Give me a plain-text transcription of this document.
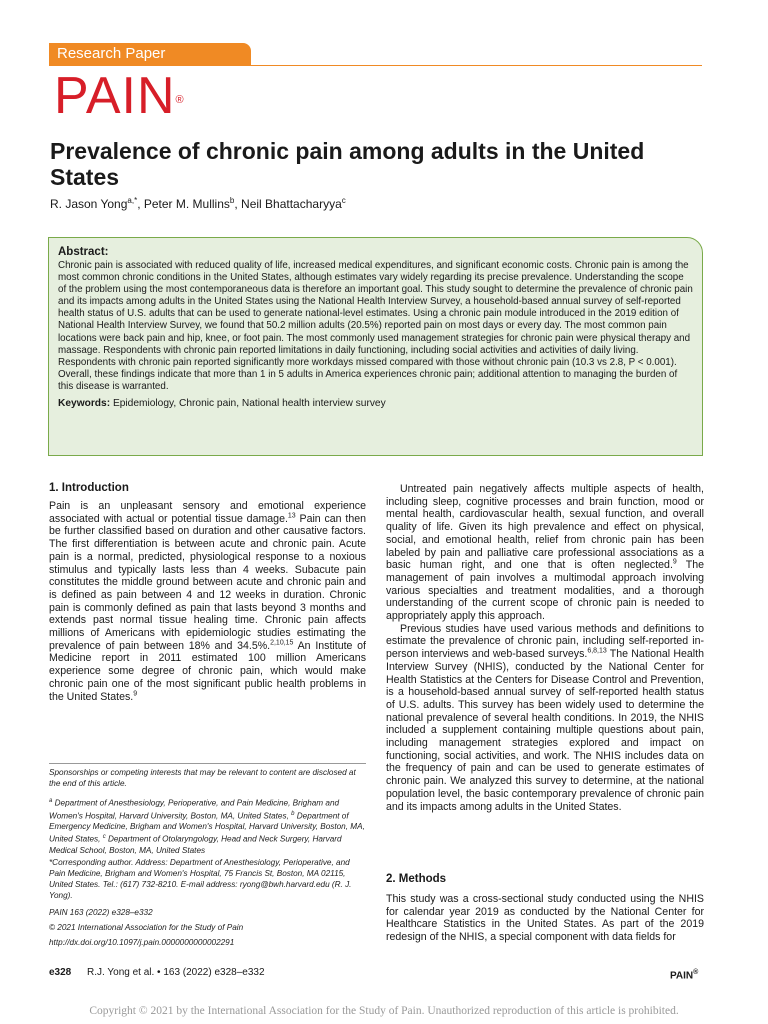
Research Paper
PAIN®
Prevalence of chronic pain among adults in the United States
R. Jason Yong$^{a,*}$, Peter M. Mullins$^b$, Neil Bhattacharyya$^c$
Abstract:
Chronic pain is associated with reduced quality of life, increased medical expenditures, and significant economic costs. Chronic pain is among the most common chronic conditions in the United States, although estimates vary widely regarding its precise prevalence. Understanding the scope of the problem using the most contemporaneous data is therefore an important goal. This study sought to determine the prevalence of chronic pain and its impacts among adults in the United States using the National Health Interview Survey, a household-based annual survey of self-reported health status of U.S. adults that can be used to generate national-level estimates. Using a chronic pain module introduced in the 2019 edition of National Health Interview Survey, we found that 50.2 million adults (20.5%) reported pain on most days or every day. The most common pain locations were back pain and hip, knee, or foot pain. The most commonly used management strategies for chronic pain were physical therapy and massage. Respondents with chronic pain reported limitations in daily functioning, including social activities and activities of daily living. Respondents with chronic pain reported significantly more workdays missed compared with those without chronic pain (10.3 vs 2.8, P < 0.001). Overall, these findings indicate that more than 1 in 5 adults in America experiences chronic pain; additional attention to managing the burden of this disease is warranted.
Keywords: Epidemiology, Chronic pain, National health interview survey
1. Introduction

Pain is an unpleasant sensory and emotional experience associated with actual or potential tissue damage.$^{13}$ Pain can then be further classified based on duration and other causative factors. The first differentiation is between acute and chronic pain. Acute pain is a normal, predicted, physiological response to a noxious stimulus and typically lasts less than 4 weeks. Subacute pain constitutes the middle ground between acute and chronic pain and is defined as pain between 4 and 12 weeks in duration. Chronic pain is commonly defined as pain that lasts beyond 3 months and extends past normal tissue healing time. Chronic pain affects millions of Americans with epidemiologic studies estimating the prevalence of pain between 18% and 34.5%.$^{2,10,15}$ An Institute of Medicine report in 2011 estimated 100 million Americans experience some degree of chronic pain, which would make chronic pain one of the most significant public health problems in the United States.$^9$

Sponsorships or competing interests that may be relevant to content are disclosed at the end of this article.
$^a$ Department of Anesthesiology, Perioperative, and Pain Medicine, Brigham and Women's Hospital, Harvard University, Boston, MA, United States, $^b$ Department of Emergency Medicine, Brigham and Women's Hospital, Harvard University, Boston, MA, United States, $^c$ Department of Otolaryngology, Head and Neck Surgery, Harvard Medical School, Boston, MA, United States
*Corresponding author. Address: Department of Anesthesiology, Perioperative, and Pain Medicine, Brigham and Women's Hospital, 75 Francis St, Boston, MA 02115, United States. Tel.: (617) 732-8210. E-mail address: ryong@bwh.harvard.edu (R. J. Yong).
PAIN 163 (2022) e328–e332
© 2021 International Association for the Study of Pain
http://dx.doi.org/10.1097/j.pain.0000000000002291

Untreated pain negatively affects multiple aspects of health, including sleep, cognitive processes and brain function, mood or mental health, cardiovascular health, sexual function, and overall quality of life. Given its high prevalence and effect on physical, social, and emotional health, relief from chronic pain has been labeled by pain and palliative care professional associations as a basic human right, and one that is often neglected.$^9$ The management of pain involves a multimodal approach involving various specialties and treatment modalities, and a thorough understanding of the current scope of chronic pain is needed to appropriately apply this approach.

Previous studies have used various methods and definitions to estimate the prevalence of chronic pain, including self-reported in-person interviews and web-based surveys.$^{6,8,13}$ The National Health Interview Survey (NHIS), conducted by the National Center for Health Statistics at the Centers for Disease Control and Prevention, is a household-based annual survey of self-reported health status of U.S. adults. This survey has been widely used to determine the national prevalence of several health conditions. In 2019, the NHIS included a supplement containing multiple questions about pain, including management strategies explored and impact on functioning, social activities, and work. The NHIS includes data on the frequency of pain and can be used to generate estimates of chronic pain. We analyzed this survey to determine, at the national population level, the basic contemporary prevalence of chronic pain and its impacts among adults in the United States.

2. Methods

This study was a cross-sectional study conducted using the NHIS for calendar year 2019 as conducted by the National Center for Healthcare Statistics in the United States. As part of the 2019 redesign of the NHIS, a special component with data fields for

e328 R.J. Yong et al. • 163 (2022) e328–e332	PAIN®
Copyright © 2021 by the International Association for the Study of Pain. Unauthorized reproduction of this article is prohibited.
